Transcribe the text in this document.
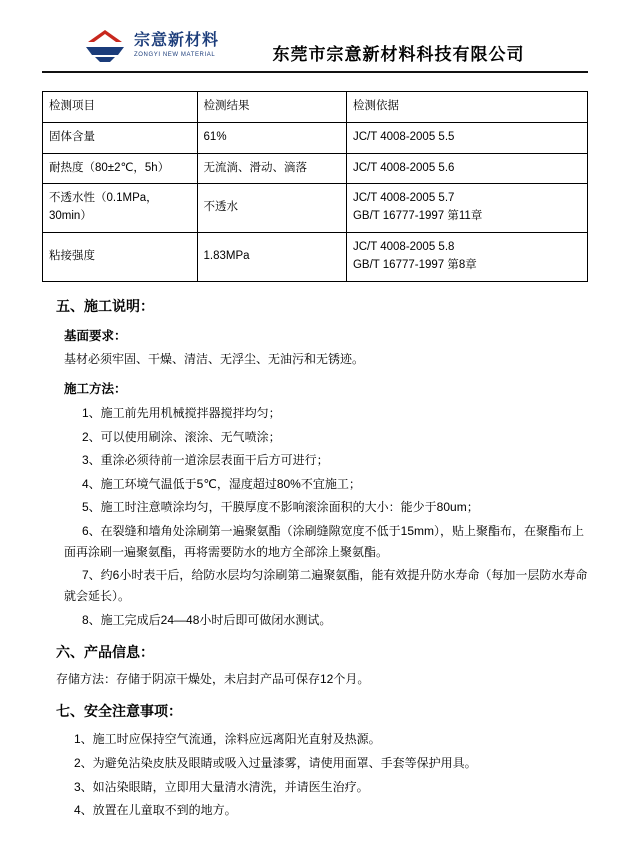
宗意新材料
ZONGYI NEW MATERIAL	东莞市宗意新材料科技有限公司
检测项目	检测结果	检测依据
固体含量	61%	JC/T 4008-2005 5.5

耐热度（80±2℃，5h）	无流淌、滑动、滴落	JC/T 4008-2005 5.6

不透水性（0.1MPa，30min）	不透水	JC/T 4008-2005 5.7
GB/T 16777-1997 第11章

粘接强度	1.83MPa	JC/T 4008-2005 5.8
GB/T 16777-1997 第8章
五、施工说明：
基面要求：
基材必须牢固、干燥、清洁、无浮尘、无油污和无锈迹。
施工方法：
1、施工前先用机械搅拌器搅拌均匀；
2、可以使用刷涂、滚涂、无气喷涂；
3、重涂必须待前一道涂层表面干后方可进行；
4、施工环境气温低于5℃，湿度超过80%不宜施工；
5、施工时注意喷涂均匀，干膜厚度不影响滚涂面积的大小：能少于80um；
6、在裂缝和墙角处涂刷第一遍聚氨酯（涂刷缝隙宽度不低于15mm），贴上聚酯布，在聚酯布上面再涂刷一遍聚氨酯，再将需要防水的地方全部涂上聚氨酯。
7、约6小时表干后，给防水层均匀涂刷第二遍聚氨酯，能有效提升防水寿命（每加一层防水寿命就会延长）。
8、施工完成后24—48小时后即可做闭水测试。
六、产品信息：
存储方法：存储于阴凉干燥处，未启封产品可保存12个月。
七、安全注意事项：
1、施工时应保持空气流通，涂料应远离阳光直射及热源。
2、为避免沾染皮肤及眼睛或吸入过量漆雾，请使用面罩、手套等保护用具。
3、如沾染眼睛，立即用大量清水清洗，并请医生治疗。
4、放置在儿童取不到的地方。
